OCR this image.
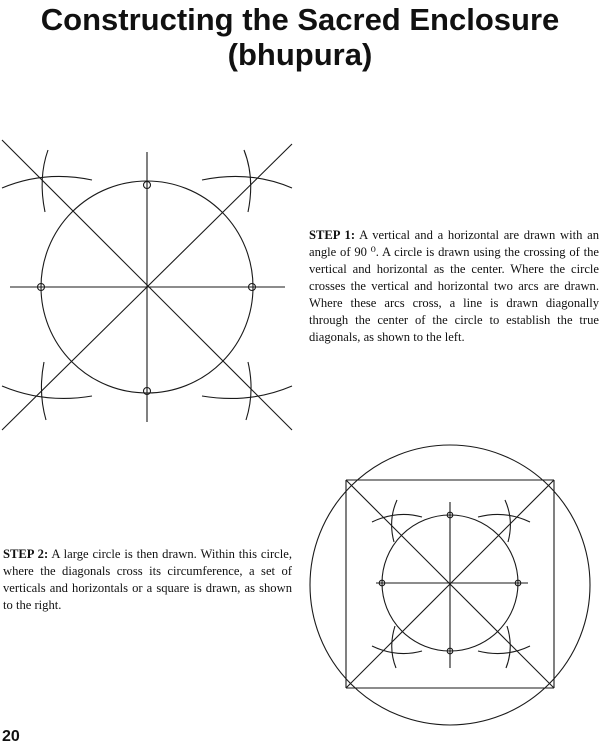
Constructing the Sacred Enclosure
(bhupura)
STEP 1: A vertical and a horizontal are drawn with an angle of 90 ⁰. A circle is drawn using the crossing of the vertical and horizontal as the center. Where the circle crosses the vertical and horizontal two arcs are drawn. Where these arcs cross, a line is drawn diagonally through the center of the circle to establish the true diagonals, as shown to the left.
STEP 2: A large circle is then drawn. Within this circle, where the diagonals cross its circumference, a set of verticals and horizontals or a square is drawn, as shown to the right.
20
